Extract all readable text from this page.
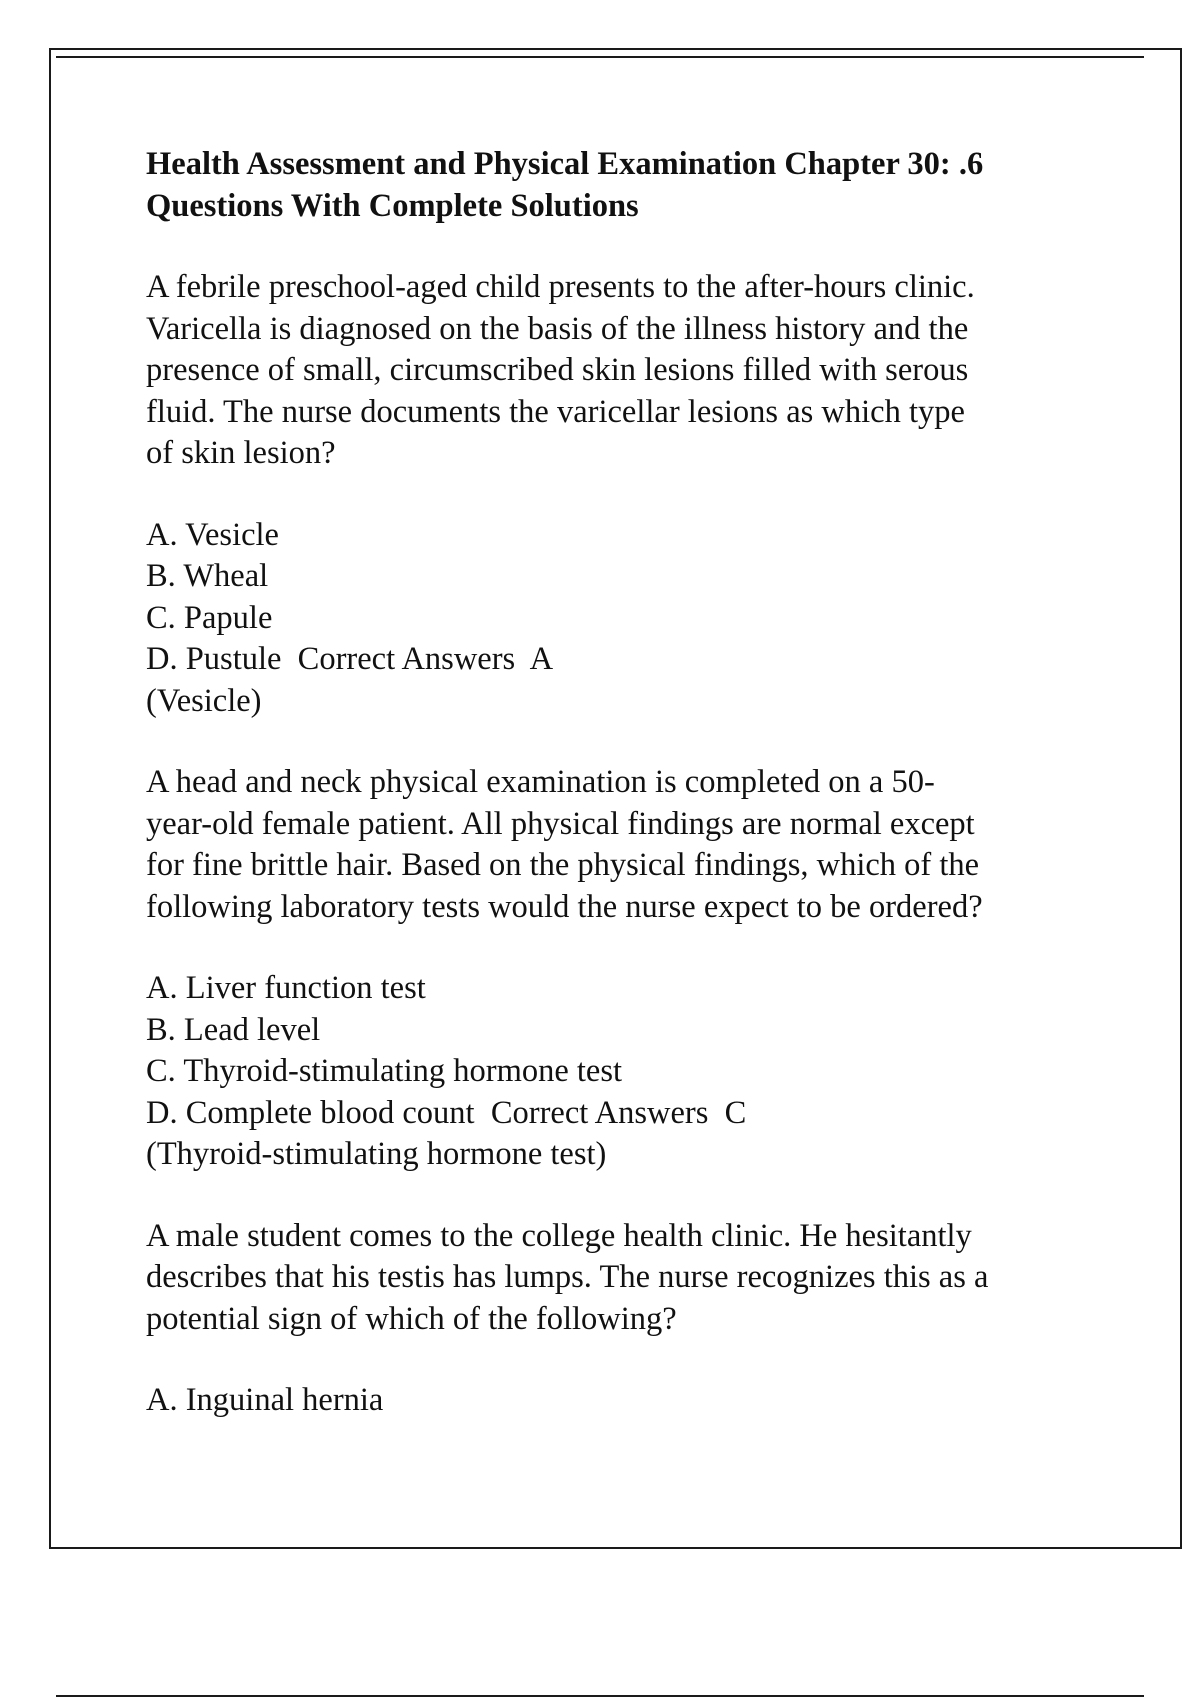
Health Assessment and Physical Examination Chapter 30: .6
Questions With Complete Solutions
A febrile preschool-aged child presents to the after-hours clinic.
Varicella is diagnosed on the basis of the illness history and the
presence of small, circumscribed skin lesions filled with serous
fluid. The nurse documents the varicellar lesions as which type
of skin lesion?
A. Vesicle
B. Wheal
C. Papule
D. Pustule  Correct Answers  A
(Vesicle)
A head and neck physical examination is completed on a 50-
year-old female patient. All physical findings are normal except
for fine brittle hair. Based on the physical findings, which of the
following laboratory tests would the nurse expect to be ordered?
A. Liver function test
B. Lead level
C. Thyroid-stimulating hormone test
D. Complete blood count  Correct Answers  C
(Thyroid-stimulating hormone test)
A male student comes to the college health clinic. He hesitantly
describes that his testis has lumps. The nurse recognizes this as a
potential sign of which of the following?
A. Inguinal hernia
